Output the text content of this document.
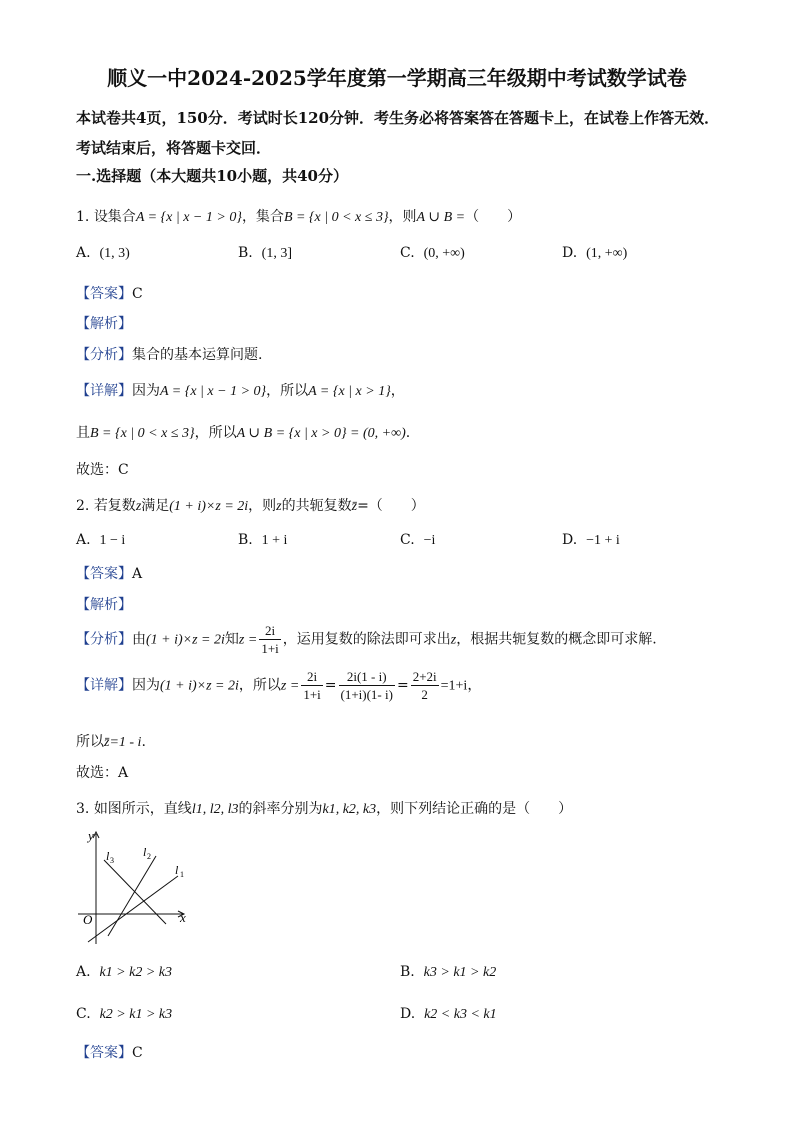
顺义一中2024-2025学年度第一学期高三年级期中考试数学试卷
本试卷共4页，150分．考试时长120分钟．考生务必将答案答在答题卡上，在试卷上作答无效．考试结束后，将答题卡交回．
一.选择题（本大题共10小题，共40分）
1. 设集合A = {x | x − 1 > 0}，集合B = {x | 0 < x ≤ 3}，则A ∪ B =（　　）
A. (1, 3)	B. (1, 3]	C. (0, +∞)	D. (1, +∞)
【答案】C
【解析】
【分析】集合的基本运算问题.
【详解】因为A = {x | x − 1 > 0}，所以A = {x | x > 1}，
且B = {x | 0 < x ≤ 3}，所以A ∪ B = {x | x > 0} = (0, +∞).
故选：C
2. 若复数z满足(1 + i)×z = 2i，则z的共轭复数z̄=（　　）
A. 1 − i	B. 1 + i	C. −i	D. −1 + i
【答案】A
【解析】
【分析】由(1 + i)×z = 2i知$z = \frac{2i}{1+i}$ ，运用复数的除法即可求出z，根据共轭复数的概念即可求解.
【详解】因为(1 + i)×z = 2i，所以$z = \frac{2i}{1+i} = \frac{2i(1 - i)}{(1+i)(1- i)} = \frac{2+2i}{2} =1+i$，
所以z̄=1 - i.
故选：A
3. 如图所示，直线l1, l2, l3的斜率分别为k1, k2, k3，则下列结论正确的是（　　）
y
x
O
l 1
l 2
l 3
A. k1 > k2 > k3	B. k3 > k1 > k2
C. k2 > k1 > k3	D. k2 < k3 < k1
【答案】C
